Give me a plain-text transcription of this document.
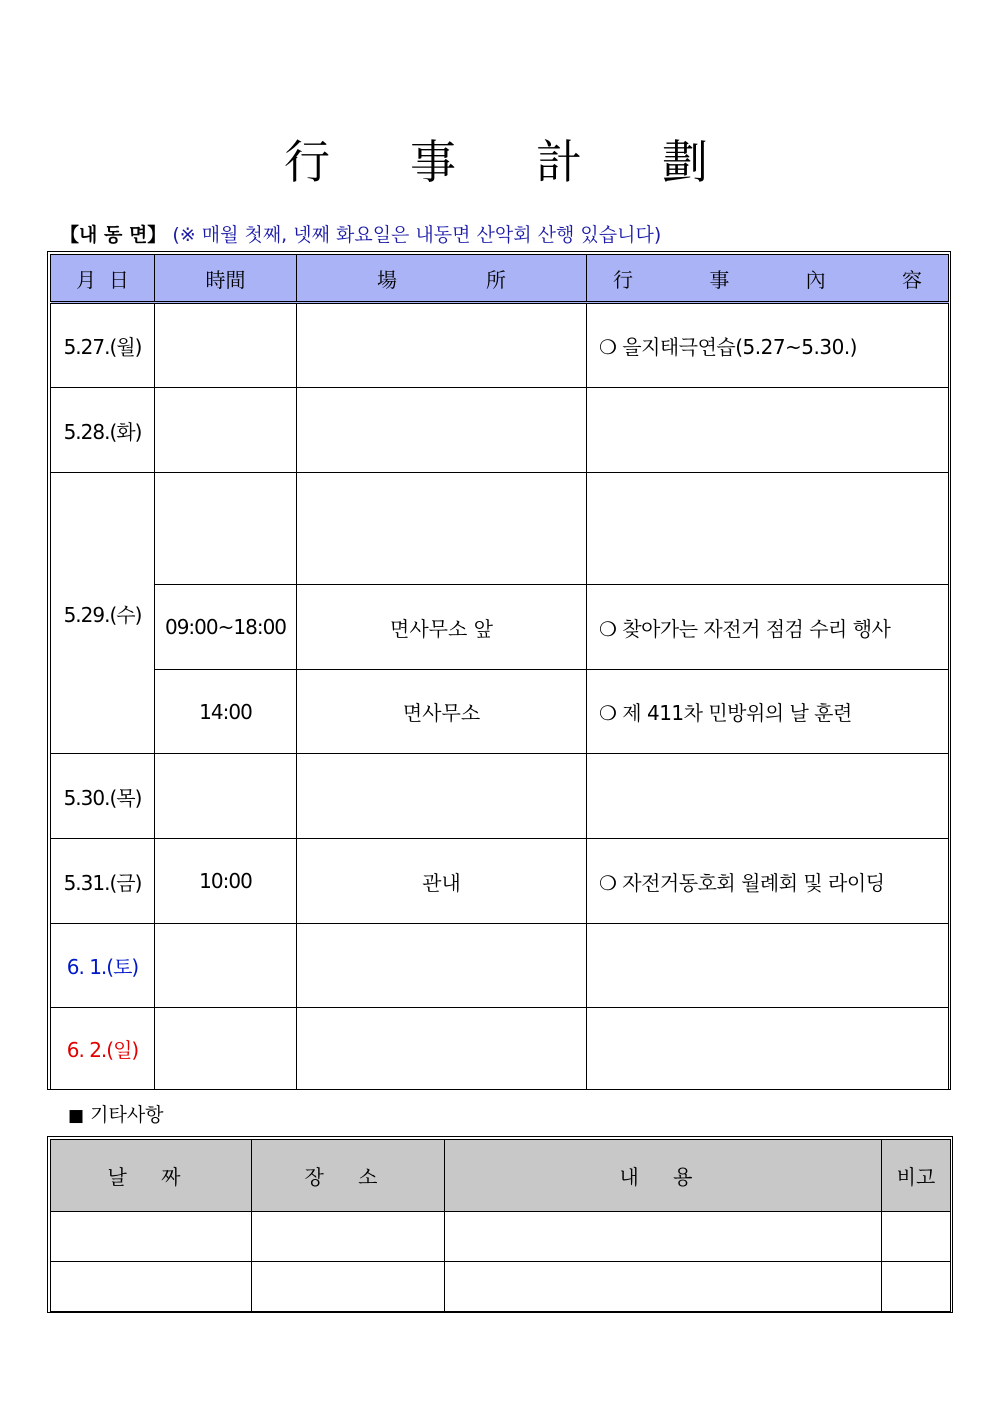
行 事 計 劃
【내 동 면】 (※ 매월 첫째, 넷째 화요일은 내동면 산악회 산행 있습니다)
月  日	時間	場 所	行 事 內 容

5.27.(월)			❍ 을지태극연습(5.27~5.30.)
5.28.(화)			
5.29.(수)			
	09:00~18:00	면사무소 앞	❍ 찾아가는 자전거 점검 수리 행사
	14:00	면사무소	❍ 제 411차 민방위의 날 훈련
5.30.(목)			
5.31.(금)	10:00	관내	❍ 자전거동호회 월례회 및 라이딩
6. 1.(토)			
6. 2.(일)			
■ 기타사항
날 짜	장 소	내 용	비고
